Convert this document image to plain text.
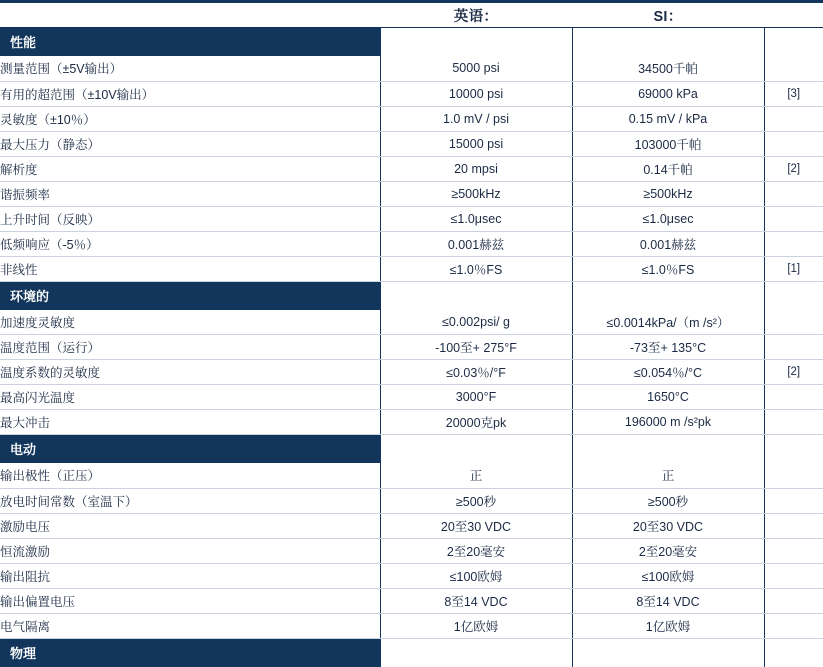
	英语：	SI：	
性能			
测量范围（±5V输出）	5000 psi	34500千帕	
有用的超范围（±10V输出）	10000 psi	69000 kPa	[3]
灵敏度（±10％）	1.0 mV / psi	0.15 mV / kPa	
最大压力（静态）	15000 psi	103000千帕	
解析度	20 mpsi	0.14千帕	[2]
谐振频率	≥500kHz	≥500kHz	
上升时间（反映）	≤1.0μsec	≤1.0μsec	
低频响应（-5％）	0.001赫兹	0.001赫兹	
非线性	≤1.0％FS	≤1.0％FS	[1]
环境的			
加速度灵敏度	≤0.002psi/ g	≤0.0014kPa/（m /s²）	
温度范围（运行）	-100至+ 275°F	-73至+ 135°C	
温度系数的灵敏度	≤0.03％/°F	≤0.054％/°C	[2]
最高闪光温度	3000°F	1650°C	
最大冲击	20000克pk	196000 m /s²pk	
电动			
输出极性（正压）	正	正	
放电时间常数（室温下）	≥500秒	≥500秒	
激励电压	20至30 VDC	20至30 VDC	
恒流激励	2至20毫安	2至20毫安	
输出阻抗	≤100欧姆	≤100欧姆	
输出偏置电压	8至14 VDC	8至14 VDC	
电气隔离	1亿欧姆	1亿欧姆	
物理			
